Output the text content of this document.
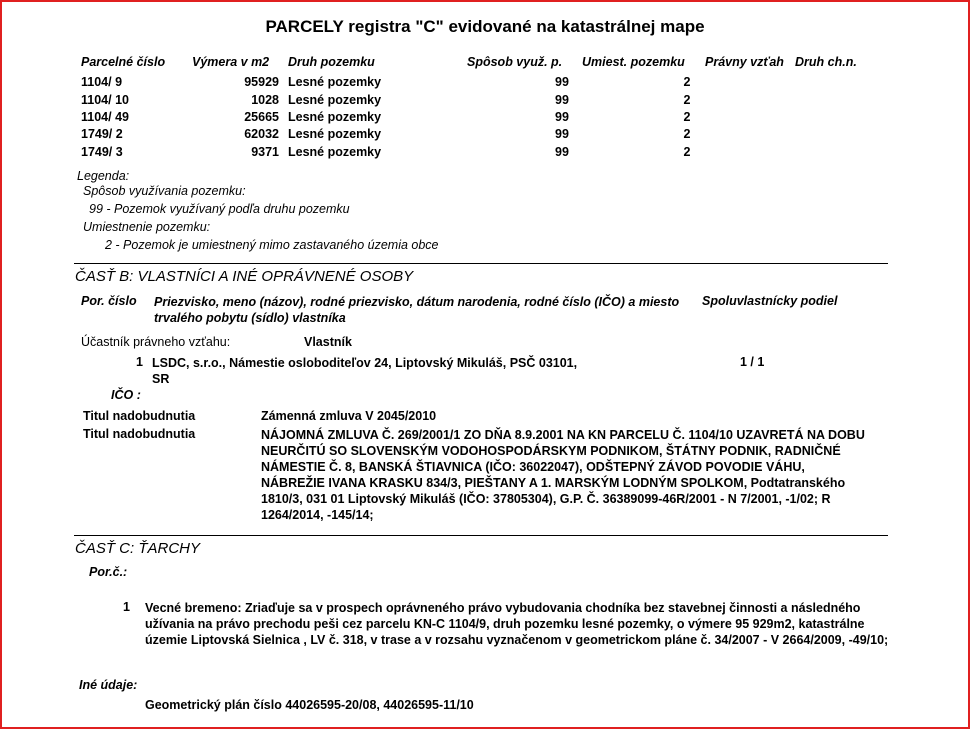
PARCELY registra "C" evidované na katastrálnej mape
Parcelné číslo Výmera v m2 Druh pozemku	Spôsob využ. p. Umiest. pozemku Právny vzťah Druh ch.n.
1104/ 9	95929 Lesné pozemky	99	2
1104/ 10	1028 Lesné pozemky	99	2
1104/ 49	25665 Lesné pozemky	99	2
1749/ 2	62032 Lesné pozemky	99	2
1749/ 3	9371 Lesné pozemky	99	2
Legenda:
Spôsob využívania pozemku:
99 - Pozemok využívaný podľa druhu pozemku
Umiestnenie pozemku:
2 - Pozemok je umiestnený mimo zastavaného územia obce
ČASŤ B: VLASTNÍCI A INÉ OPRÁVNENÉ OSOBY
Por. číslo Priezvisko, meno (názov), rodné priezvisko, dátum narodenia, rodné číslo (IČO) a miesto trvalého pobytu (sídlo) vlastníka
Spoluvlastnícky podiel
Účastník právneho vzťahu:	Vlastník
1 LSDC, s.r.o., Námestie osloboditeľov 24, Liptovský Mikuláš, PSČ 03101, SR
1 / 1
IČO :
Titul nadobudnutia	Zámenná zmluva V 2045/2010
Titul nadobudnutia	NÁJOMNÁ ZMLUVA Č. 269/2001/1 ZO DŇA 8.9.2001 NA KN PARCELU Č. 1104/10 UZAVRETÁ NA DOBU NEURČITÚ SO SLOVENSKÝM VODOHOSPODÁRSKYM PODNIKOM, ŠTÁTNY PODNIK, RADNIČNÉ NÁMESTIE Č. 8, BANSKÁ ŠTIAVNICA (IČO: 36022047), ODŠTEPNÝ ZÁVOD POVODIE VÁHU, NÁBREŽIE IVANA KRASKU 834/3, PIEŠTANY A 1. MARSKÝM LODNÝM SPOLKOM, Podtatranského 1810/3, 031 01 Liptovský Mikuláš (IČO: 37805304), G.P. Č. 36389099-46R/2001 - N 7/2001, -1/02; R 1264/2014, -145/14;
ČASŤ C: ŤARCHY
Por.č.:
1 Vecné bremeno: Zriaďuje sa v prospech oprávneného právo vybudovania chodníka bez stavebnej činnosti a následného užívania na právo prechodu peši cez parcelu KN-C 1104/9, druh pozemku lesné pozemky, o výmere 95 929m2, katastrálne územie Liptovská Sielnica , LV č. 318, v trase a v rozsahu vyznačenom v geometrickom pláne č. 34/2007 - V 2664/2009, -49/10;
Iné údaje:
Geometrický plán číslo 44026595-20/08, 44026595-11/10
